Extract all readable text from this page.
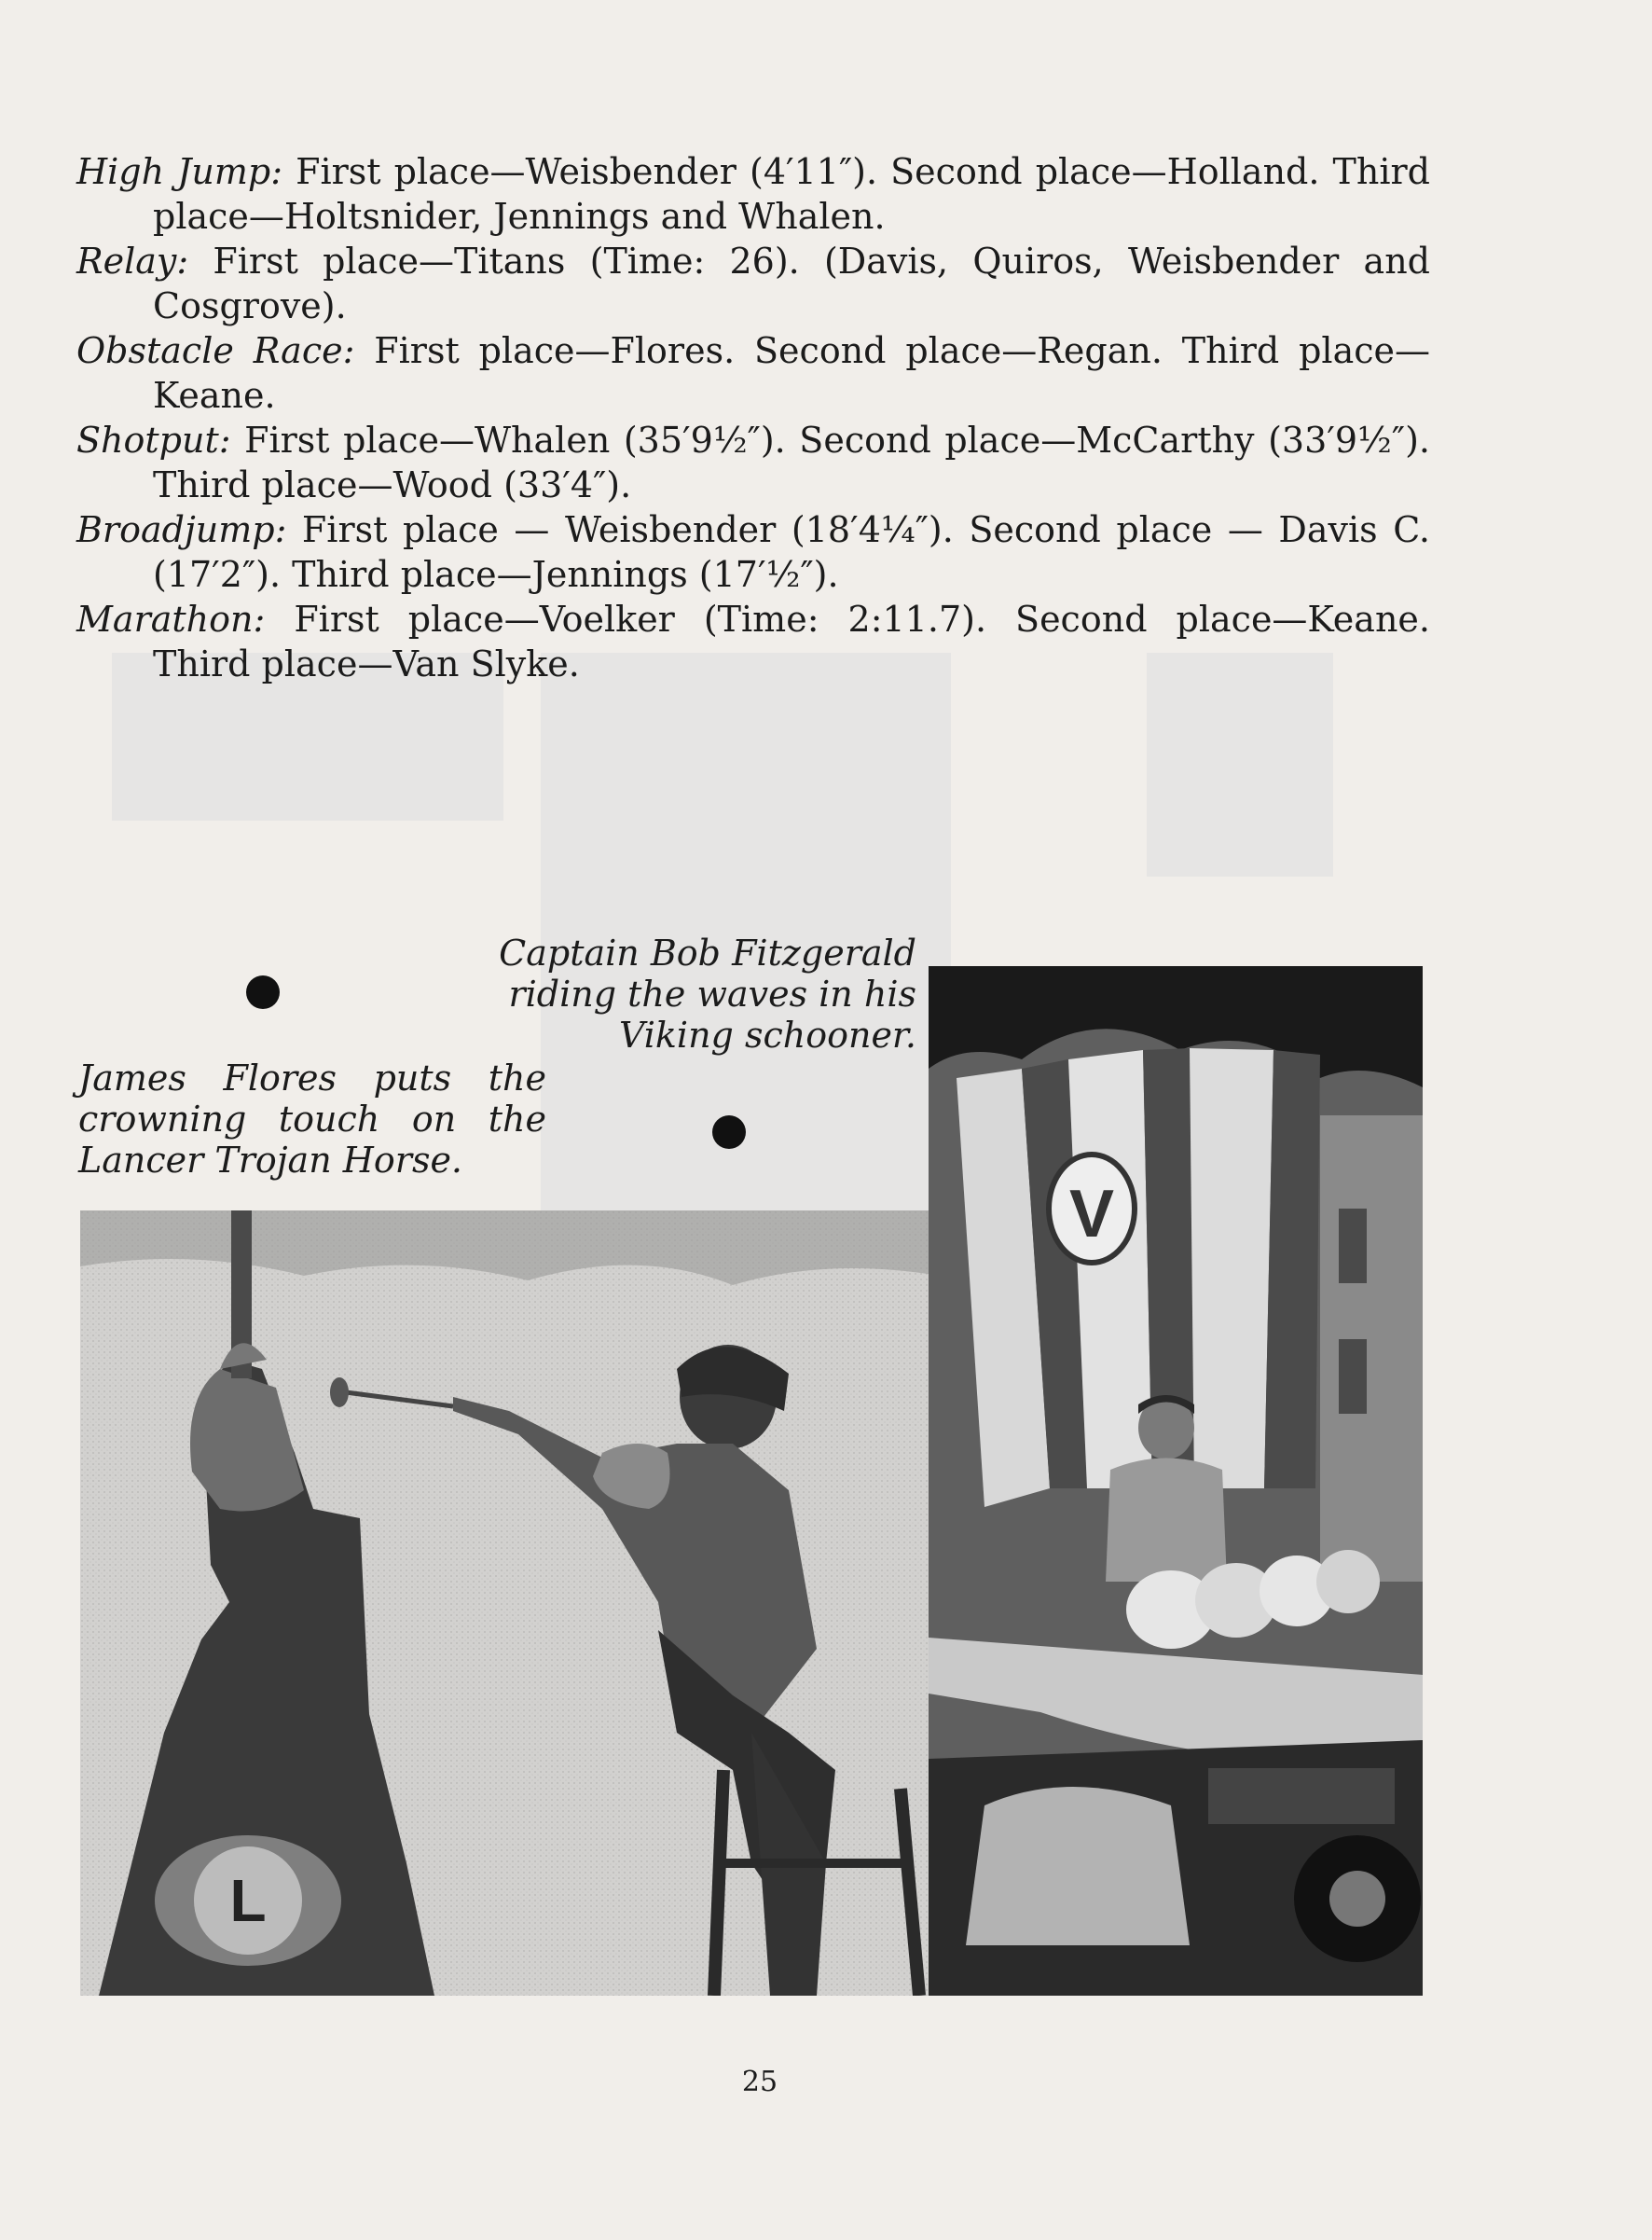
High Jump: First place—Weisbender (4′11″). Second place—Holland. Third place—Holtsnider, Jennings and Whalen.

Relay: First place—Titans (Time: 26). (Davis, Quiros, Weisbender and Cosgrove).

Obstacle Race: First place—Flores. Second place—Regan. Third place—Keane.

Shotput: First place—Whalen (35′9½″). Second place—McCarthy (33′9½″). Third place—Wood (33′4″).

Broadjump: First place — Weisbender (18′4¼″). Second place — Davis C. (17′2″). Third place—Jennings (17′½″).

Marathon: First place—Voelker (Time: 2:11.7). Second place—Keane. Third place—Van Slyke.

Captain Bob Fitzgerald riding the waves in his Viking schooner.
James Flores puts the crowning touch on the Lancer Trojan Horse.
L
V
25
